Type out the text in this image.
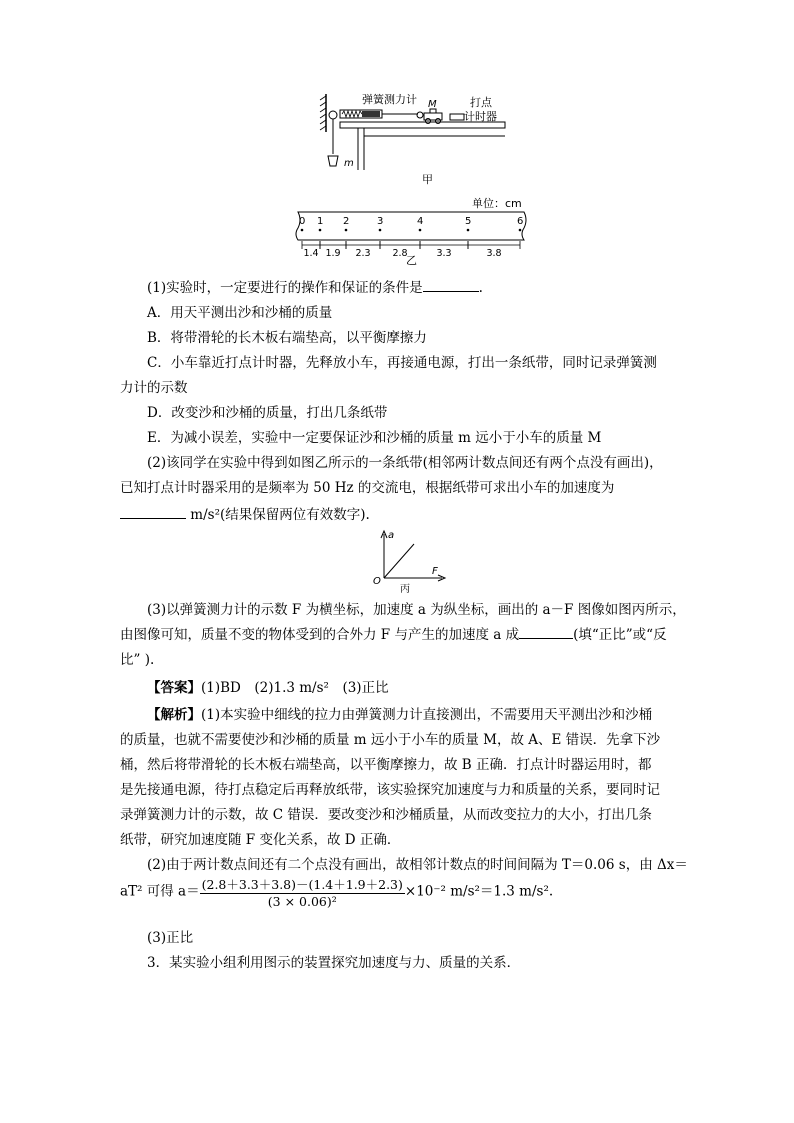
弹簧测力计 M	打点
计时器
m
甲
单位：cm
0 1 2	3	4	5	6
1.4 1.9 2.3 2.8	3.3	3.8
乙
(1)实验时，一定要进行的操作和保证的条件是	.
A．用天平测出沙和沙桶的质量
B．将带滑轮的长木板右端垫高，以平衡摩擦力
C．小车靠近打点计时器，先释放小车，再接通电源，打出一条纸带，同时记录弹簧测
力计的示数
D．改变沙和沙桶的质量，打出几条纸带
E．为减小误差，实验中一定要保证沙和沙桶的质量 m 远小于小车的质量 M
(2)该同学在实验中得到如图乙所示的一条纸带(相邻两计数点间还有两个点没有画出)，
已知打点计时器采用的是频率为 50 Hz 的交流电，根据纸带可求出小车的加速度为
m/s²(结果保留两位有效数字).
a
F
O
丙
(3)以弹簧测力计的示数 F 为横坐标，加速度 a 为纵坐标，画出的 a－F 图像如图丙所示，
由图像可知，质量不变的物体受到的合外力 F 与产生的加速度 a 成	(填“正比”或“反
比” ).
【答案】(1)BD　(2)1.3 m/s²　(3)正比
【解析】(1)本实验中细线的拉力由弹簧测力计直接测出，不需要用天平测出沙和沙桶
的质量，也就不需要使沙和沙桶的质量 m 远小于小车的质量 M，故 A、E 错误．先拿下沙
桶，然后将带滑轮的长木板右端垫高，以平衡摩擦力，故 B 正确．打点计时器运用时，都
是先接通电源，待打点稳定后再释放纸带，该实验探究加速度与力和质量的关系，要同时记
录弹簧测力计的示数，故 C 错误．要改变沙和沙桶质量，从而改变拉力的大小，打出几条
纸带，研究加速度随 F 变化关系，故 D 正确．
(2)由于两计数点间还有二个点没有画出，故相邻计数点的时间间隔为 T＝0.06 s，由 Δx＝
aT² 可得 $a= \frac{(2.8+3.3+3.8)-(1.4+1.9+2.3)}{\text{(3 × 0.06)²}} \times 10^{-2}$ m/s²＝1.3 m/s².
(3)正比
3．某实验小组利用图示的装置探究加速度与力、质量的关系．
